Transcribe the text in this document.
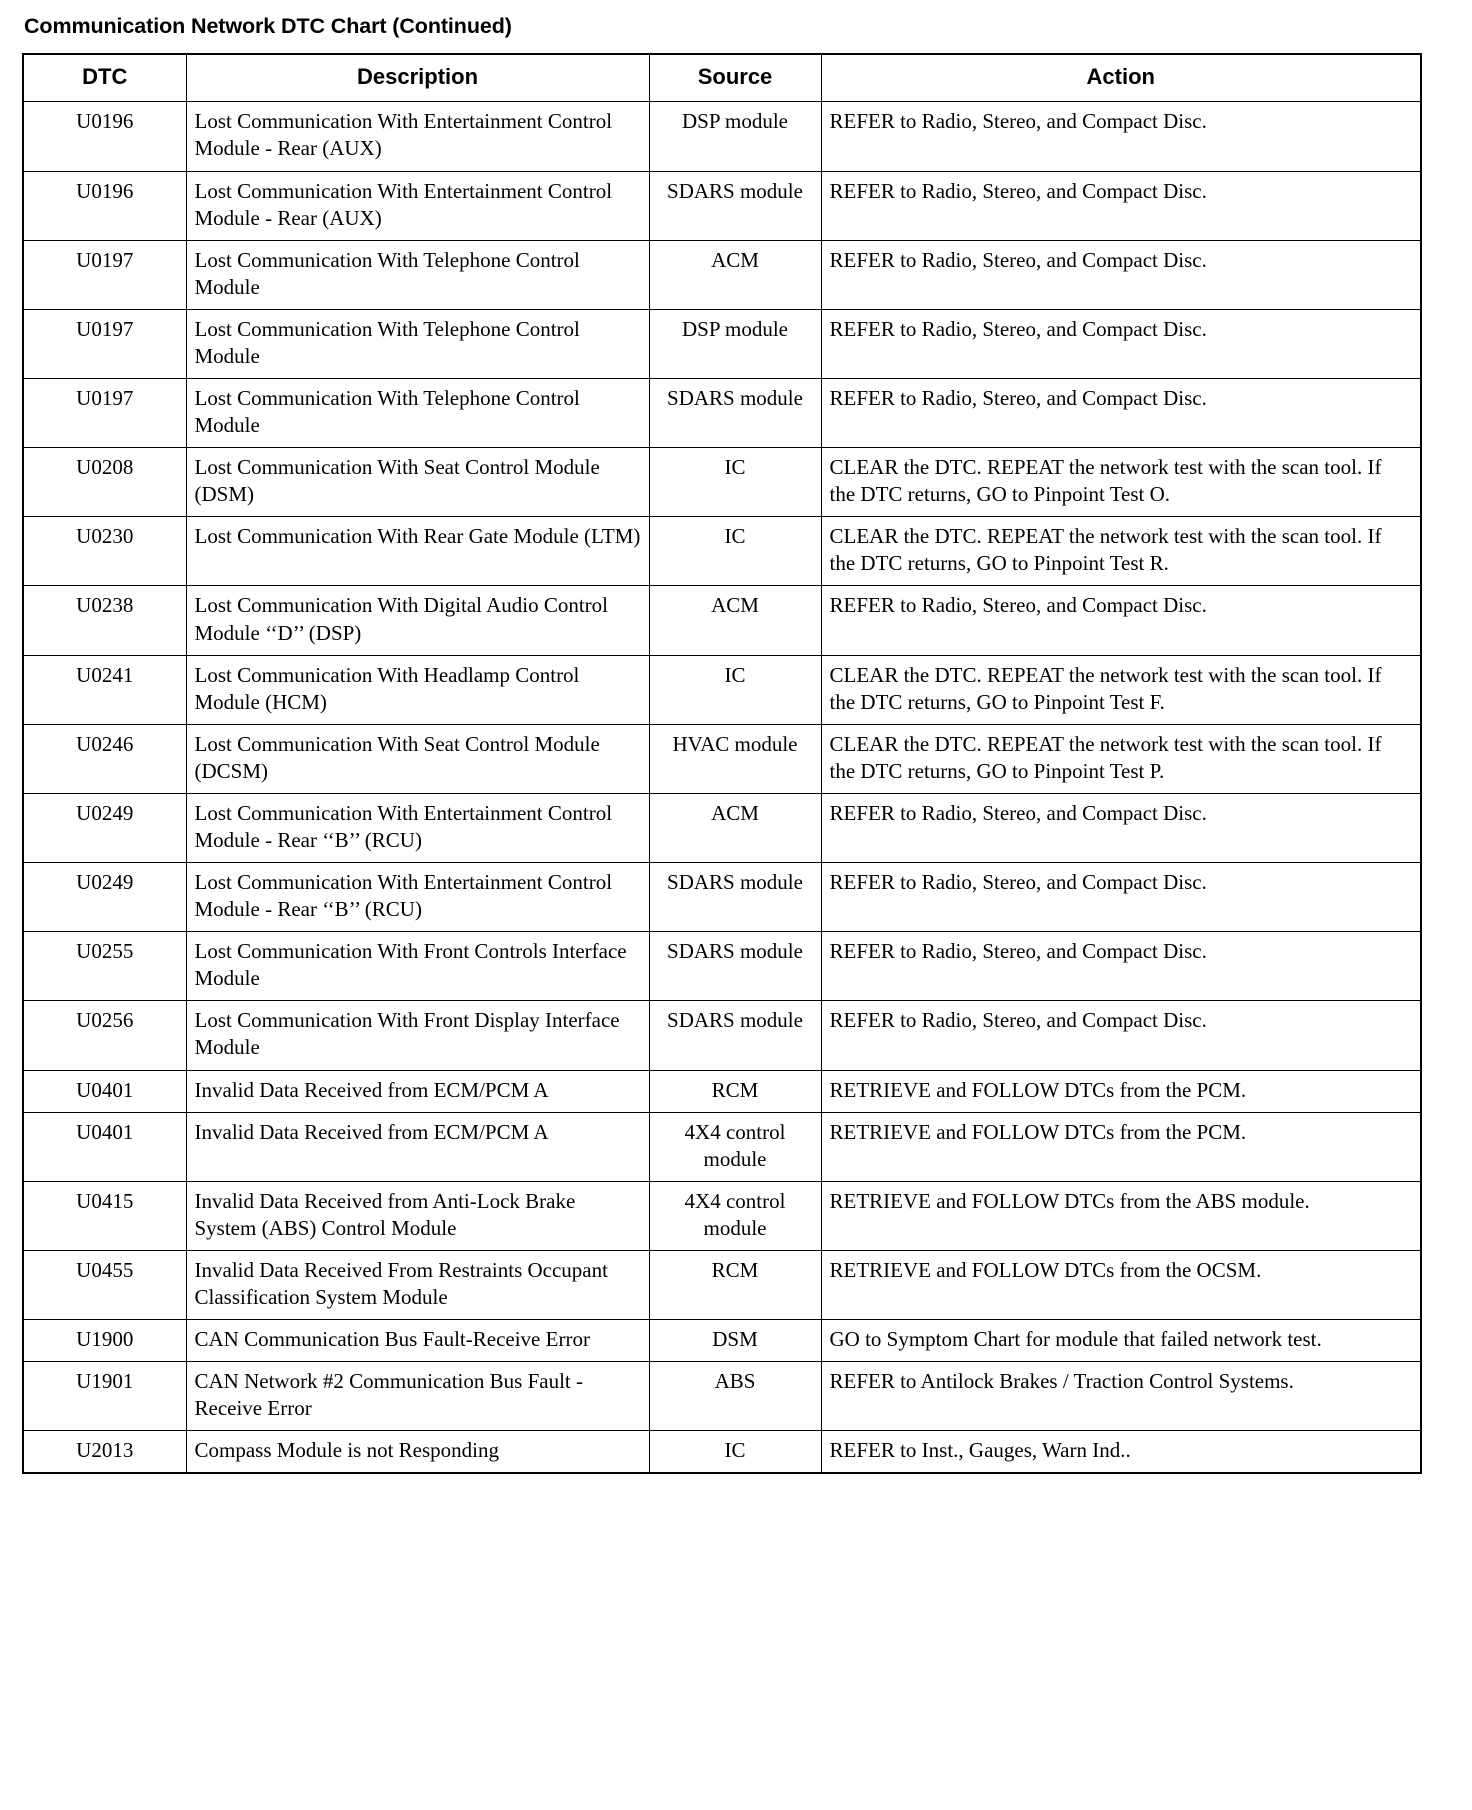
Communication Network DTC Chart (Continued)
DTC	Description	Source	Action
U0196	Lost Communication With Entertainment Control Module - Rear (AUX)	DSP module	REFER to Radio, Stereo, and Compact Disc.
U0196	Lost Communication With Entertainment Control Module - Rear (AUX)	SDARS module	REFER to Radio, Stereo, and Compact Disc.
U0197	Lost Communication With Telephone Control Module	ACM	REFER to Radio, Stereo, and Compact Disc.
U0197	Lost Communication With Telephone Control Module	DSP module	REFER to Radio, Stereo, and Compact Disc.
U0197	Lost Communication With Telephone Control Module	SDARS module	REFER to Radio, Stereo, and Compact Disc.
U0208	Lost Communication With Seat Control Module (DSM)	IC	CLEAR the DTC. REPEAT the network test with the scan tool. If the DTC returns, GO to Pinpoint Test O.
U0230	Lost Communication With Rear Gate Module (LTM)	IC	CLEAR the DTC. REPEAT the network test with the scan tool. If the DTC returns, GO to Pinpoint Test R.
U0238	Lost Communication With Digital Audio Control Module ‘‘D’’ (DSP)	ACM	REFER to Radio, Stereo, and Compact Disc.
U0241	Lost Communication With Headlamp Control Module (HCM)	IC	CLEAR the DTC. REPEAT the network test with the scan tool. If the DTC returns, GO to Pinpoint Test F.
U0246	Lost Communication With Seat Control Module (DCSM)	HVAC module	CLEAR the DTC. REPEAT the network test with the scan tool. If the DTC returns, GO to Pinpoint Test P.
U0249	Lost Communication With Entertainment Control Module - Rear ‘‘B’’ (RCU)	ACM	REFER to Radio, Stereo, and Compact Disc.
U0249	Lost Communication With Entertainment Control Module - Rear ‘‘B’’ (RCU)	SDARS module	REFER to Radio, Stereo, and Compact Disc.
U0255	Lost Communication With Front Controls Interface Module	SDARS module	REFER to Radio, Stereo, and Compact Disc.
U0256	Lost Communication With Front Display Interface Module	SDARS module	REFER to Radio, Stereo, and Compact Disc.
U0401	Invalid Data Received from ECM/PCM A	RCM	RETRIEVE and FOLLOW DTCs from the PCM.
U0401	Invalid Data Received from ECM/PCM A	4X4 control module	RETRIEVE and FOLLOW DTCs from the PCM.
U0415	Invalid Data Received from Anti-Lock Brake System (ABS) Control Module	4X4 control module	RETRIEVE and FOLLOW DTCs from the ABS module.
U0455	Invalid Data Received From Restraints Occupant Classification System Module	RCM	RETRIEVE and FOLLOW DTCs from the OCSM.
U1900	CAN Communication Bus Fault-Receive Error	DSM	GO to Symptom Chart for module that failed network test.
U1901	CAN Network #2 Communication Bus Fault - Receive Error	ABS	REFER to Antilock Brakes / Traction Control Systems.
U2013	Compass Module is not Responding	IC	REFER to Inst., Gauges, Warn Ind..
